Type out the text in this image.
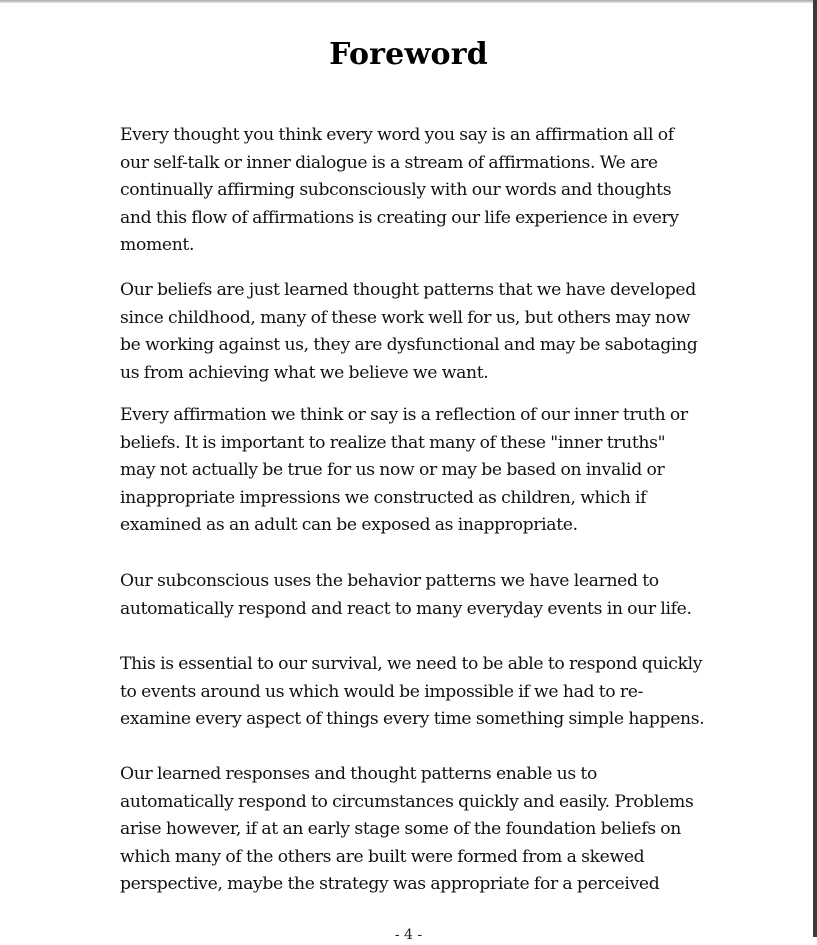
Foreword

Every thought you think every word you say is an affirmation all of
our self-talk or inner dialogue is a stream of affirmations. We are
continually affirming subconsciously with our words and thoughts
and this flow of affirmations is creating our life experience in every
moment.

Our beliefs are just learned thought patterns that we have developed
since childhood, many of these work well for us, but others may now
be working against us, they are dysfunctional and may be sabotaging
us from achieving what we believe we want.

Every affirmation we think or say is a reflection of our inner truth or
beliefs. It is important to realize that many of these "inner truths"
may not actually be true for us now or may be based on invalid or
inappropriate impressions we constructed as children, which if
examined as an adult can be exposed as inappropriate.

Our subconscious uses the behavior patterns we have learned to
automatically respond and react to many everyday events in our life.

This is essential to our survival, we need to be able to respond quickly
to events around us which would be impossible if we had to re-
examine every aspect of things every time something simple happens.

Our learned responses and thought patterns enable us to
automatically respond to circumstances quickly and easily. Problems
arise however, if at an early stage some of the foundation beliefs on
which many of the others are built were formed from a skewed
perspective, maybe the strategy was appropriate for a perceived

- 4 -
